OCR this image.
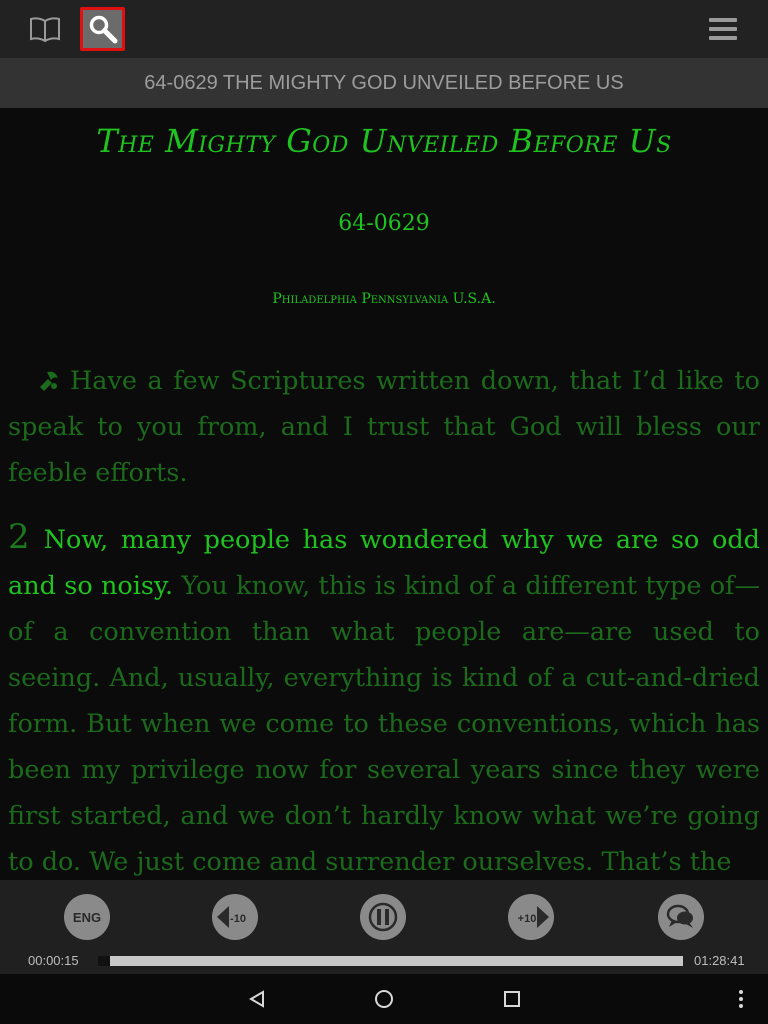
64-0629 THE MIGHTY GOD UNVEILED BEFORE US
The Mighty God Unveiled Before Us
64-0629
Philadelphia Pennsylvania U.S.A.

Have a few Scriptures written down, that I’d like to speak to you from, and I trust that God will bless our feeble efforts.

2 Now, many people has wondered why we are so odd and so noisy. You know, this is kind of a different type of—of a convention than what people are—are used to seeing. And, usually, everything is kind of a cut-and-dried form. But when we come to these conventions, which has been my privilege now for several years since they were first started, and we don’t hardly know what we’re going to do. We just come and surrender ourselves. That’s the

ENG	-10	+10
00:00:15	01:28:41
